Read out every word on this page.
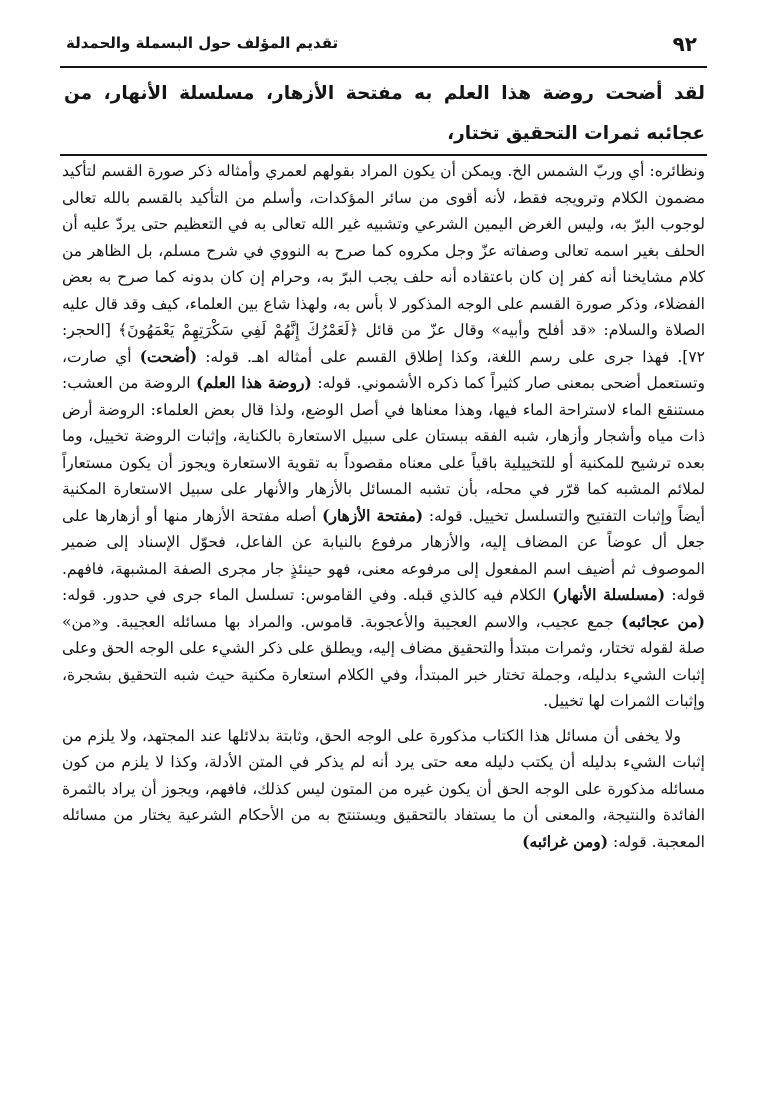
٩٢
تقديم المؤلف حول البسملة والحمدلة
لقد أضحت روضة هذا العلم به مفتحة الأزهار، مسلسلة الأنهار، من عجائبه ثمرات التحقيق تختار،

ونظائره: أي وربّ الشمس الخ. ويمكن أن يكون المراد بقولهم لعمري وأمثاله ذكر صورة القسم لتأكيد مضمون الكلام وترويجه فقط، لأنه أقوى من سائر المؤكدات، وأسلم من التأكيد بالقسم بالله تعالى لوجوب البرّ به، وليس الغرض اليمين الشرعي وتشبيه غير الله تعالى به في التعظيم حتى يردّ عليه أن الحلف بغير اسمه تعالى وصفاته عزّ وجل مكروه كما صرح به النووي في شرح مسلم، بل الظاهر من كلام مشايخنا أنه كفر إن كان باعتقاده أنه حلف يجب البرّ به، وحرام إن كان بدونه كما صرح به بعض الفضلاء، وذكر صورة القسم على الوجه المذكور لا بأس به، ولهذا شاع بين العلماء، كيف وقد قال عليه الصلاة والسلام: «قد أفلح وأبيه» وقال عزّ من قائل ﴿لَعَمْرُكَ إِنَّهُمْ لَفِي سَكْرَتِهِمْ يَعْمَهُونَ﴾ [الحجر: ٧٢]. فهذا جرى على رسم اللغة، وكذا إطلاق القسم على أمثاله اهـ. قوله: (أضحت) أي صارت، وتستعمل أضحى بمعنى صار كثيراً كما ذكره الأشموني. قوله: (روضة هذا العلم) الروضة من العشب: مستنقع الماء لاستراحة الماء فيها، وهذا معناها في أصل الوضع، ولذا قال بعض العلماء: الروضة أرض ذات مياه وأشجار وأزهار، شبه الفقه ببستان على سبيل الاستعارة بالكناية، وإثبات الروضة تخييل، وما بعده ترشيح للمكنية أو للتخييلية باقياً على معناه مقصوداً به تقوية الاستعارة ويجوز أن يكون مستعاراً لملائم المشبه كما قرّر في محله، بأن تشبه المسائل بالأزهار والأنهار على سبيل الاستعارة المكنية أيضاً وإثبات التفتيح والتسلسل تخييل. قوله: (مفتحة الأزهار) أصله مفتحة الأزهار منها أو أزهارها على جعل أل عوضاً عن المضاف إليه، والأزهار مرفوع بالنيابة عن الفاعل، فحوّل الإسناد إلى ضمير الموصوف ثم أضيف اسم المفعول إلى مرفوعه معنى، فهو حينئذٍ جار مجرى الصفة المشبهة، فافهم. قوله: (مسلسلة الأنهار) الكلام فيه كالذي قبله. وفي القاموس: تسلسل الماء جرى في حدور. قوله: (من عجائبه) جمع عجيب، والاسم العجيبة والأعجوبة. قاموس. والمراد بها مسائله العجيبة. و«من» صلة لقوله تختار، وثمرات مبتدأ والتحقيق مضاف إليه، ويطلق على ذكر الشيء على الوجه الحق وعلى إثبات الشيء بدليله، وجملة تختار خبر المبتدأ، وفي الكلام استعارة مكنية حيث شبه التحقيق بشجرة، وإثبات الثمرات لها تخييل.

ولا يخفى أن مسائل هذا الكتاب مذكورة على الوجه الحق، وثابتة بدلائلها عند المجتهد، ولا يلزم من إثبات الشيء بدليله أن يكتب دليله معه حتى يرد أنه لم يذكر في المتن الأدلة، وكذا لا يلزم من كون مسائله مذكورة على الوجه الحق أن يكون غيره من المتون ليس كذلك، فافهم، ويجوز أن يراد بالثمرة الفائدة والنتيجة، والمعنى أن ما يستفاد بالتحقيق ويستنتج به من الأحكام الشرعية يختار من مسائله المعجبة. قوله: (ومن غرائبه)
